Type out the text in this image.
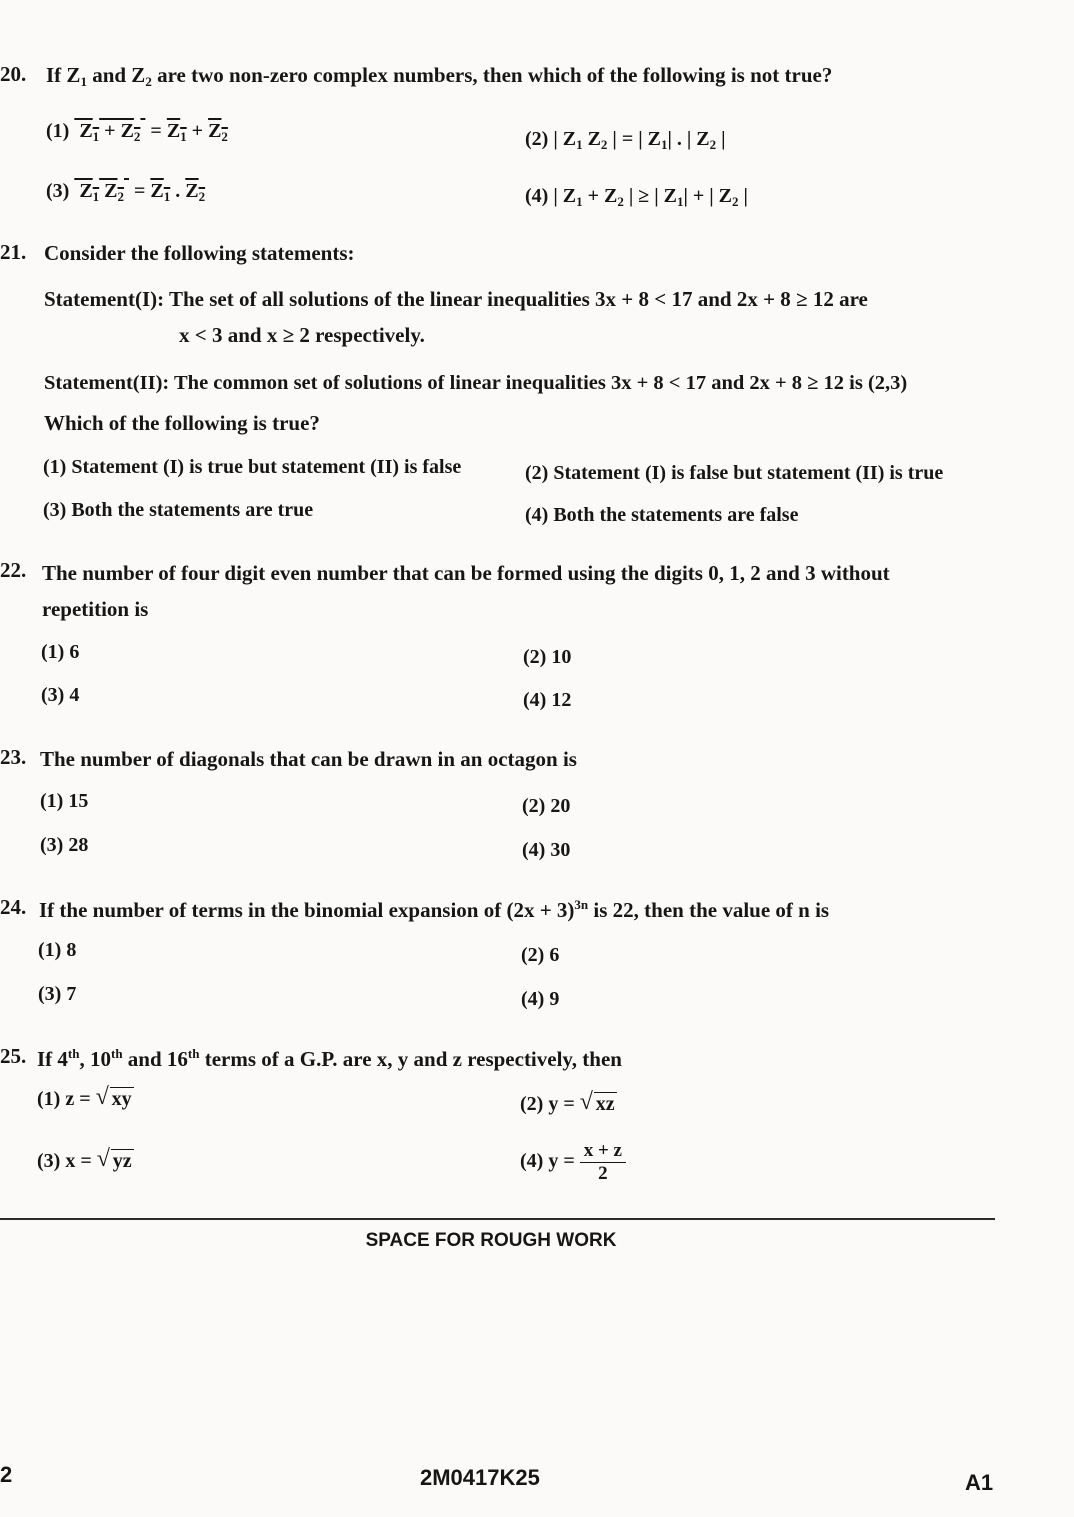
20. If $Z_1$ and $Z_2$ are two non-zero complex numbers, then which of the following is not true?
(1)  $Z_1 + Z_2 = Z_1 + Z_2$	(2) | $Z_1$ $Z_2$ | = | $Z_1|$ . | $Z_2$ |
(3)  $Z_1$ $Z_2 = Z_1$ . $Z_2$	(4) | $Z_1 + Z_2$ | ≥ | $Z_1|$ + | $Z_2$ |
21. Consider the following statements:
Statement(I): The set of all solutions of the linear inequalities 3x + 8 < 17 and 2x + 8 ≥ 12 are
x < 3 and x ≥ 2 respectively.
Statement(II): The common set of solutions of linear inequalities 3x + 8 < 17 and 2x + 8 ≥ 12 is (2,3)
Which of the following is true?
(1) Statement (I) is true but statement (II) is false	(2) Statement (I) is false but statement (II) is true
(3) Both the statements are true	(4) Both the statements are false
22. The number of four digit even number that can be formed using the digits 0, 1, 2 and 3 without
repetition is
(1) 6	(2) 10
(3) 4	(4) 12
23. The number of diagonals that can be drawn in an octagon is
(1) 15	(2) 20
(3) 28	(4) 30
24. If the number of terms in the binomial expansion of $(2x + 3)^{3n}$ is 22, then the value of n is
(1) 8	(2) 6
(3) 7	(4) 9
25. If 4th, 10th and 16th terms of a G.P. are x, y and z respectively, then
(1) z = √ xy	(2) y = √ xz
(3) x = √ yz	(4) $y = \frac{x + z}{2}$
SPACE FOR ROUGH WORK
2	2M0417K25	A1
